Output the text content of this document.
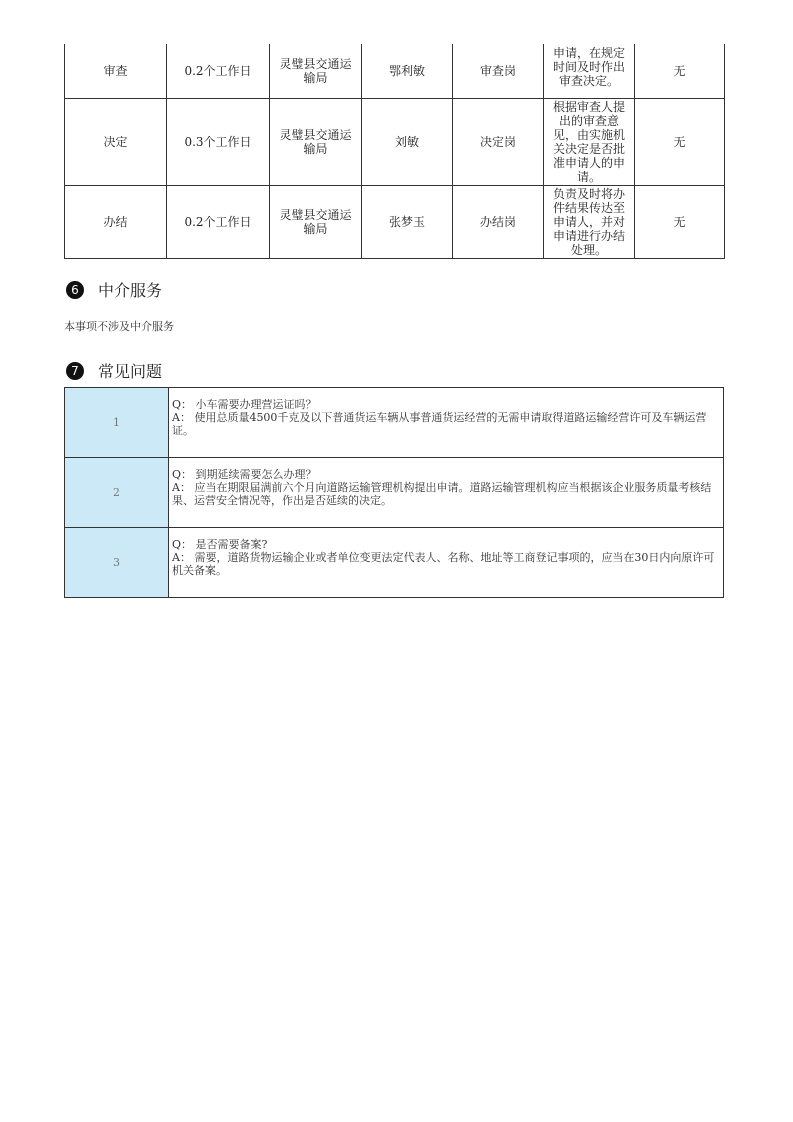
审查	0.2个工作日	灵璧县交通运输局	鄂利敏	审查岗	申请，在规定时间及时作出审查决定。	无
决定	0.3个工作日	灵璧县交通运输局	刘敏	决定岗	根据审查人提出的审查意见，由实施机关决定是否批准申请人的申请。	无
办结	0.2个工作日	灵璧县交通运输局	张梦玉	办结岗	负责及时将办件结果传达至申请人，并对申请进行办结处理。	无
6	中介服务
本事项不涉及中介服务
7	常见问题
1	Q： 小车需要办理营运证吗？
A： 使用总质量4500千克及以下普通货运车辆从事普通货运经营的无需申请取得道路运输经营许可及车辆运营证。

2	Q： 到期延续需要怎么办理？
A： 应当在期限届满前六个月向道路运输管理机构提出申请。道路运输管理机构应当根据该企业服务质量考核结果、运营安全情况等，作出是否延续的决定。

3	Q： 是否需要备案?
A： 需要，道路货物运输企业或者单位变更法定代表人、名称、地址等工商登记事项的，应当在30日内向原许可机关备案。
